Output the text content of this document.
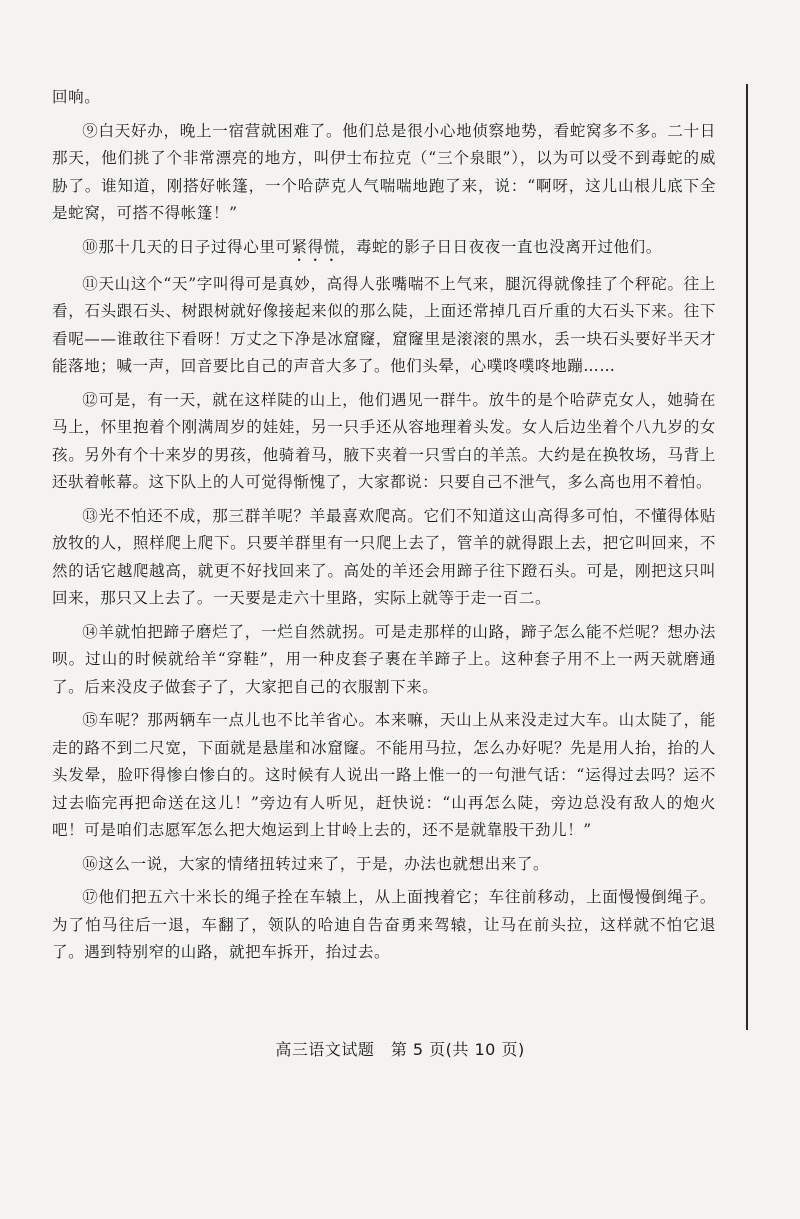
回响。

⑨白天好办，晚上一宿营就困难了。他们总是很小心地侦察地势，看蛇窝多不多。二十日那天，他们挑了个非常漂亮的地方，叫伊士布拉克（“三个泉眼”），以为可以受不到毒蛇的威胁了。谁知道，刚搭好帐篷，一个哈萨克人气喘喘地跑了来，说：“啊呀，这儿山根儿底下全是蛇窝，可搭不得帐篷！”

⑩那十几天的日子过得心里可紧得慌，毒蛇的影子日日夜夜一直也没离开过他们。

⑪天山这个“天”字叫得可是真妙，高得人张嘴喘不上气来，腿沉得就像挂了个秤砣。往上看，石头跟石头、树跟树就好像接起来似的那么陡，上面还常掉几百斤重的大石头下来。往下看呢——谁敢往下看呀！万丈之下净是冰窟窿，窟窿里是滚滚的黑水，丢一块石头要好半天才能落地；喊一声，回音要比自己的声音大多了。他们头晕，心噗咚噗咚地蹦……

⑫可是，有一天，就在这样陡的山上，他们遇见一群牛。放牛的是个哈萨克女人，她骑在马上，怀里抱着个刚满周岁的娃娃，另一只手还从容地理着头发。女人后边坐着个八九岁的女孩。另外有个十来岁的男孩，他骑着马，腋下夹着一只雪白的羊羔。大约是在换牧场，马背上还驮着帐幕。这下队上的人可觉得惭愧了，大家都说：只要自己不泄气，多么高也用不着怕。

⑬光不怕还不成，那三群羊呢？羊最喜欢爬高。它们不知道这山高得多可怕，不懂得体贴放牧的人，照样爬上爬下。只要羊群里有一只爬上去了，管羊的就得跟上去，把它叫回来，不然的话它越爬越高，就更不好找回来了。高处的羊还会用蹄子往下蹬石头。可是，刚把这只叫回来，那只又上去了。一天要是走六十里路，实际上就等于走一百二。

⑭羊就怕把蹄子磨烂了，一烂自然就拐。可是走那样的山路，蹄子怎么能不烂呢？想办法呗。过山的时候就给羊“穿鞋”，用一种皮套子裹在羊蹄子上。这种套子用不上一两天就磨通了。后来没皮子做套子了，大家把自己的衣服割下来。

⑮车呢？那两辆车一点儿也不比羊省心。本来嘛，天山上从来没走过大车。山太陡了，能走的路不到二尺宽，下面就是悬崖和冰窟窿。不能用马拉，怎么办好呢？先是用人抬，抬的人头发晕，脸吓得惨白惨白的。这时候有人说出一路上惟一的一句泄气话：“运得过去吗？运不过去临完再把命送在这儿！”旁边有人听见，赶快说：“山再怎么陡，旁边总没有敌人的炮火吧！可是咱们志愿军怎么把大炮运到上甘岭上去的，还不是就靠股干劲儿！”

⑯这么一说，大家的情绪扭转过来了，于是，办法也就想出来了。

⑰他们把五六十米长的绳子拴在车辕上，从上面拽着它；车往前移动，上面慢慢倒绳子。为了怕马往后一退，车翻了，领队的哈迪自告奋勇来驾辕，让马在前头拉，这样就不怕它退了。遇到特别窄的山路，就把车拆开，抬过去。

高三语文试题　第 5 页(共 10 页)
